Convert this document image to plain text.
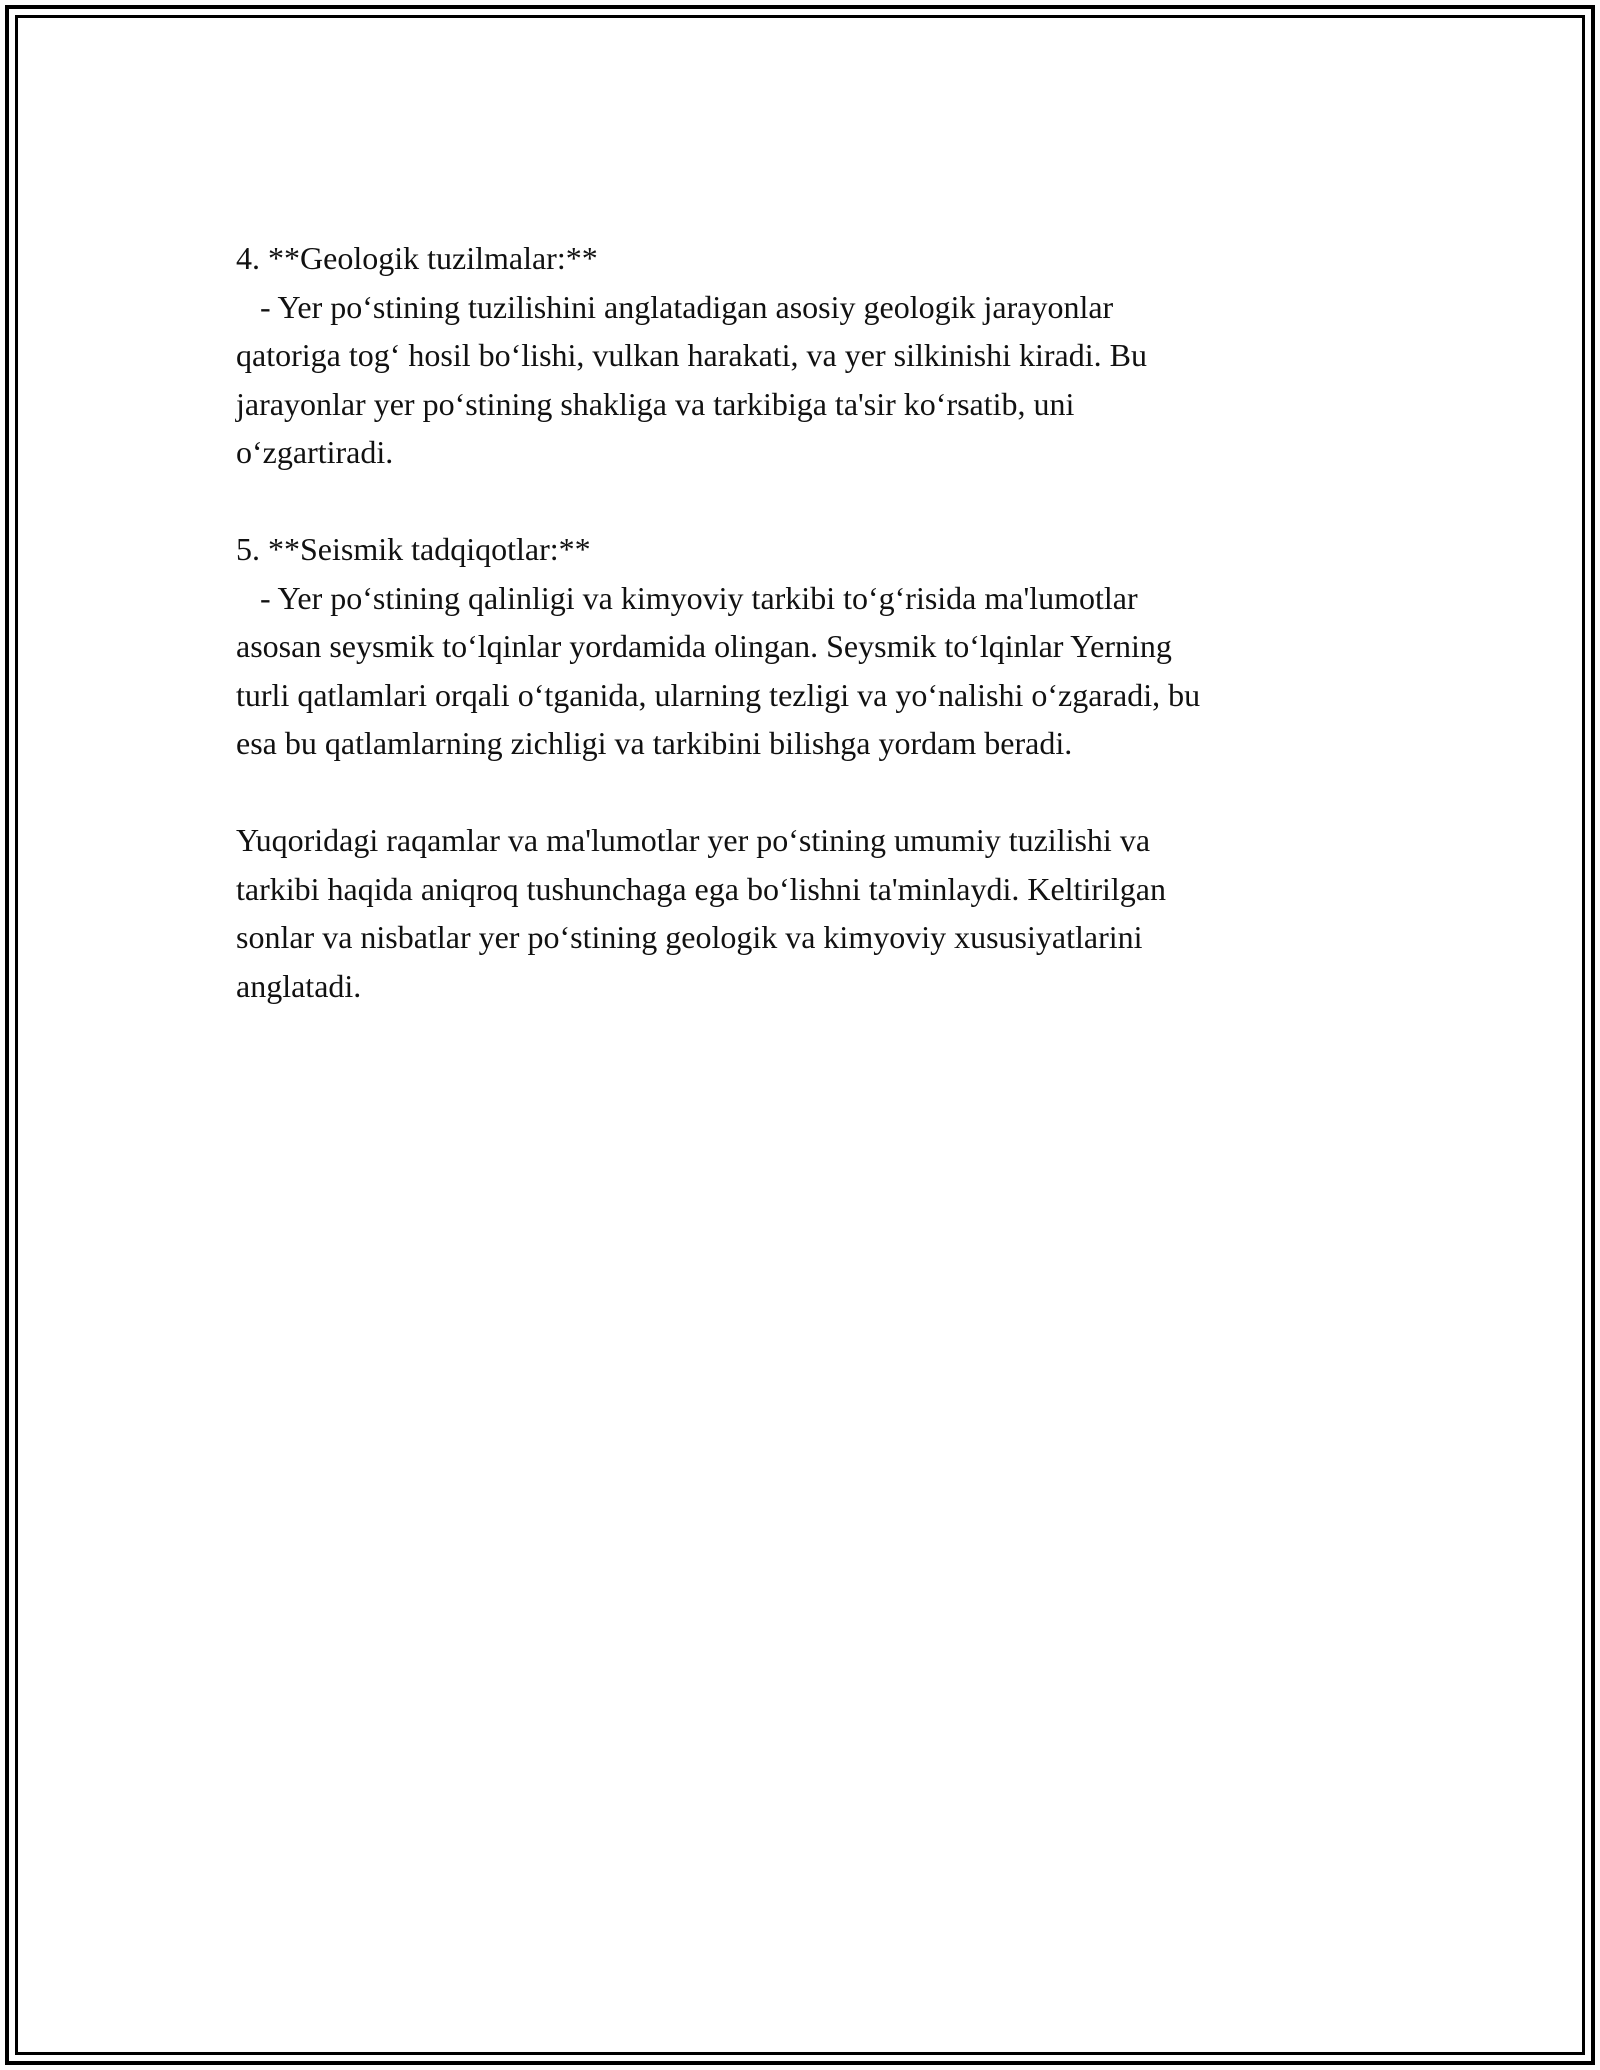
4. **Geologik tuzilmalar:**
- Yer po‘stining tuzilishini anglatadigan asosiy geologik jarayonlar
qatoriga tog‘ hosil bo‘lishi, vulkan harakati, va yer silkinishi kiradi. Bu
jarayonlar yer po‘stining shakliga va tarkibiga ta'sir ko‘rsatib, uni
o‘zgartiradi.
5. **Seismik tadqiqotlar:**
- Yer po‘stining qalinligi va kimyoviy tarkibi to‘g‘risida ma'lumotlar
asosan seysmik to‘lqinlar yordamida olingan. Seysmik to‘lqinlar Yerning
turli qatlamlari orqali o‘tganida, ularning tezligi va yo‘nalishi o‘zgaradi, bu
esa bu qatlamlarning zichligi va tarkibini bilishga yordam beradi.
Yuqoridagi raqamlar va ma'lumotlar yer po‘stining umumiy tuzilishi va
tarkibi haqida aniqroq tushunchaga ega bo‘lishni ta'minlaydi. Keltirilgan
sonlar va nisbatlar yer po‘stining geologik va kimyoviy xususiyatlarini
anglatadi.
